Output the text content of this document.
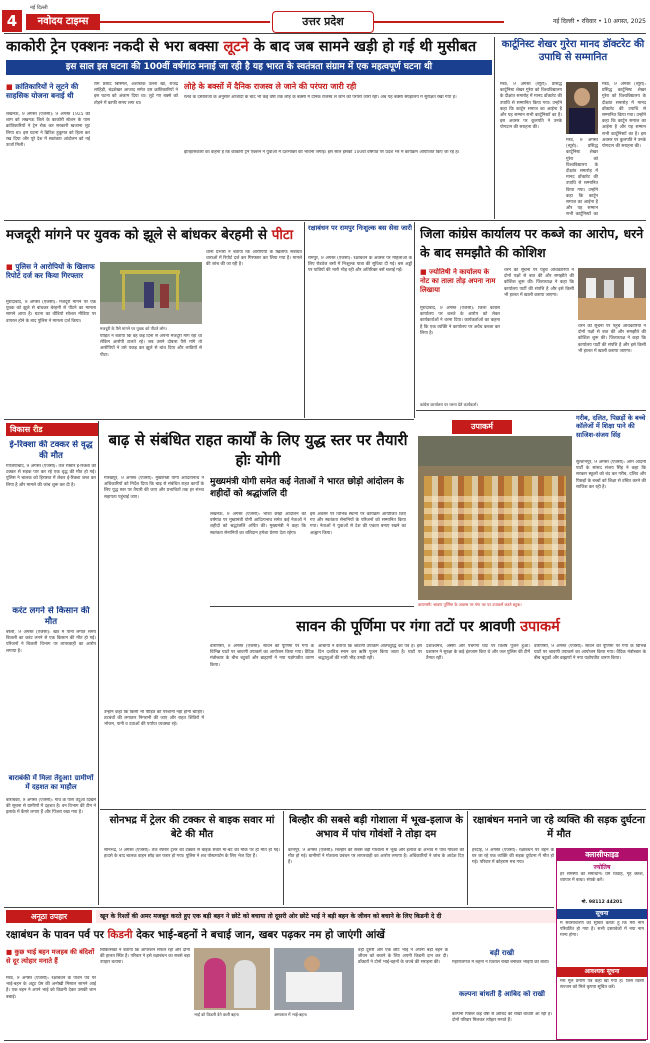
4	नवोदय टाइम्स
नई दिल्ली
उत्तर प्रदेश	नई दिल्ली • रविवार • 10 अगस्त, 2025
काकोरी ट्रेन एक्शनः नकदी से भरा बक्सा लूटने के बाद जब सामने खड़ी हो गई थी मुसीबत
इस साल इस घटना की 100वीं वर्षगांठ मनाई जा रही है यह भारत के स्वतंत्रता संग्राम में एक महत्वपूर्ण घटना थी
■ क्रांतिकारियों ने लूटने की साहसिक योजना बनाई थी
लखनऊ, 9 अगस्त (एजेंसी): 9 अगस्त 1925 की शाम को लखनऊ जिले के काकोरी स्टेशन के पास क्रांतिकारियों ने ट्रेन रोक कर सरकारी खजाना लूट लिया था। इस घटना ने ब्रिटिश हुकूमत को हिला कर रख दिया और पूरे देश में स्वतंत्रता आंदोलन को नई ऊर्जा मिली।
राम प्रसाद बिस्मिल, अशफाक उल्ला खां, राजेंद्र लाहिड़ी, चंद्रशेखर आजाद समेत दस क्रांतिकारियों ने इस घटना को अंजाम दिया था। लूटे गए बक्से को तोड़ने में काफी समय लगा था।
लोहे के बक्सों में दैनिक राजस्व ले जाने की परंपरा जारी रही
रेलवे के दस्तावेजों के अनुसार आजादी के बाद भी कई वर्षों तक लोहे के बक्सों में दैनिक राजस्व ले जाने की परंपरा जारी रही। अब यह बक्सा संग्रहालय में सुरक्षित रखा गया है।
इतिहासकारों का कहना है कि काकोरी ट्रेन एक्शन ने युवाओं में देशभक्ति की भावना जगाई। इस साल इसकी 100वीं वर्षगांठ पर प्रदेश भर में कार्यक्रम आयोजित किए जा रहे हैं।
कार्टूनिस्ट शेखर गुरेरा मानद डॉक्टरेट की उपाधि से सम्मानित
मेरठ, 9 अगस्त (ब्यूरो): प्रसिद्ध कार्टूनिस्ट शेखर गुरेरा को विश्वविद्यालय के दीक्षांत समारोह में मानद डॉक्टरेट की उपाधि से सम्मानित किया गया। उन्होंने कहा कि कार्टून समाज का आईना है और यह सम्मान सभी कार्टूनिस्टों का है। इस अवसर पर कुलपति ने उनके योगदान की सराहना की।
मेरठ, 9 अगस्त (ब्यूरो): प्रसिद्ध कार्टूनिस्ट शेखर गुरेरा को विश्वविद्यालय के दीक्षांत समारोह में मानद डॉक्टरेट की उपाधि से सम्मानित किया गया। उन्होंने कहा कि कार्टून समाज का आईना है और यह सम्मान सभी कार्टूनिस्टों का है। इस अवसर पर कुलपति ने उनके योगदान की सराहना की।
मेरठ, 9 अगस्त (ब्यूरो): प्रसिद्ध कार्टूनिस्ट शेखर गुरेरा को विश्वविद्यालय के दीक्षांत समारोह में मानद डॉक्टरेट की उपाधि से सम्मानित किया गया। उन्होंने कहा कि कार्टून समाज का आईना है और यह सम्मान सभी कार्टूनिस्टों का
मजदूरी मांगने पर युवक को झूले से बांधकर बेरहमी से पीटा
■ पुलिस ने आरोपियों के खिलाफ रिपोर्ट दर्ज कर किया गिरफ्तार
मुरादाबाद, 9 अगस्त (एजेंसी): मजदूरी मांगने पर एक युवक को झूले से बांधकर बेरहमी से पीटने का मामला सामने आया है। घटना का वीडियो सोशल मीडिया पर वायरल होने के बाद पुलिस ने मामला दर्ज किया।
मजदूरी के पैसे मांगने पर युवक को पीटते लोग।
पीड़ित ने बताया कि वह कई दिनों से अपनी मजदूरी मांग रहा था लेकिन आरोपी टालते रहे। जब उसने दोबारा पैसे मांगे तो आरोपियों ने उसे पकड़ कर झूले से बांध दिया और लाठियों से पीटा।
थाना प्रभारी ने बताया कि आरोपियों के खिलाफ संबंधित धाराओं में रिपोर्ट दर्ज कर गिरफ्तार कर लिया गया है। मामले की जांच की जा रही है।
रक्षाबंधन पर रामपुर निःशुल्क बस सेवा जारी
रामपुर, 9 अगस्त (एजेंसी): रक्षाबंधन के अवसर पर महिलाओं के लिए रोडवेज बसों में निःशुल्क यात्रा की सुविधा दी गई। बस अड्डों पर यात्रियों की भारी भीड़ रही और अतिरिक्त बसें चलाई गईं।
जिला कांग्रेस कार्यालय पर कब्जे का आरोप, धरने के बाद समझौते की कोशिश
■ ज्योतिषी ने कार्यालय के नोट का ताला तोड़ अपना नाम लिखाया
मुरादाबाद, 9 अगस्त (एजेंसी): जिला कांग्रेस कार्यालय पर कब्जे के आरोप को लेकर कार्यकर्ताओं ने धरना दिया। कार्यकर्ताओं का कहना है कि एक व्यक्ति ने कार्यालय पर अवैध कब्जा कर लिया है।
धरने की सूचना पर पहुंचे अधिकारियों ने दोनों पक्षों से बात की और समझौते की कोशिश शुरू की। जिलाध्यक्ष ने कहा कि कार्यालय पार्टी की संपत्ति है और इसे किसी भी हालत में खाली कराया जाएगा।
धरने की सूचना पर पहुंचे अधिकारियों ने दोनों पक्षों से बात की और समझौते की कोशिश शुरू की। जिलाध्यक्ष ने कहा कि कार्यालय पार्टी की संपत्ति है और इसे किसी भी हालत में खाली कराया जाएगा।
कांग्रेस कार्यालय पर धरना देते कार्यकर्ता।
गरीब, दलित, पिछड़ों के बच्चे कॉलेजों में शिक्षा पाने की साजिश-संजय सिंह
सुल्तानपुर, 9 अगस्त (एजेंसी): आम आदमी पार्टी के सांसद संजय सिंह ने कहा कि सरकार स्कूलों को बंद कर गरीब, दलित और पिछड़ों के बच्चों को शिक्षा से वंचित करने की साजिश कर रही है।
विकास रीड
ई-रिक्शा की टक्कर से वृद्ध की मौत
गाजियाबाद, 9 अगस्त (एजेंसी): तेज रफ्तार ई-रिक्शा की टक्कर से सड़क पार कर रहे एक वृद्ध की मौत हो गई। पुलिस ने चालक को हिरासत में लेकर ई-रिक्शा जब्त कर लिया है और मामले की जांच शुरू कर दी है।
करंट लगने से किसान की मौत
बरेली, 9 अगस्त (एजेंसी): खेत में पानी लगाते समय बिजली का करंट लगने से एक किसान की मौत हो गई। परिजनों ने बिजली विभाग पर लापरवाही का आरोप लगाया है।
बाराबंकी में मिला तेंदुआ! ग्रामीणों में दहशत का माहौल
बाराबंकी, 9 अगस्त (एजेंसी): गांव के पास तेंदुआ दिखने की सूचना से ग्रामीणों में दहशत है। वन विभाग की टीम ने इलाके में कैमरे लगाए हैं और पिंजरा रखा गया है।
बाढ़ से संबंधित राहत कार्यों के लिए युद्ध स्तर पर तैयारी होः योगी
गोरखपुर, 9 अगस्त (एजेंसी): मुख्यमंत्री योगी आदित्यनाथ ने अधिकारियों को निर्देश दिया कि बाढ़ से संबंधित राहत कार्यों के लिए युद्ध स्तर पर तैयारी की जाए और प्रभावितों तक हर संभव सहायता पहुंचाई जाए।
उन्होंने कहा कि किसी भी पीड़ित को परेशानी नहीं होनी चाहिए। तटबंधों की लगातार निगरानी की जाए और राहत शिविरों में भोजन, पानी व दवाओं की पर्याप्त व्यवस्था रहे।
मुख्यमंत्री योगी समेत कई नेताओं ने भारत छोड़ो आंदोलन के शहीदों को श्रद्धांजलि दी
लखनऊ, 9 अगस्त (एजेंसी): भारत छोड़ो आंदोलन की वर्षगांठ पर मुख्यमंत्री योगी आदित्यनाथ समेत कई नेताओं ने शहीदों को श्रद्धांजलि अर्पित की। मुख्यमंत्री ने कहा कि स्वतंत्रता सेनानियों का बलिदान हमेशा प्रेरणा देता रहेगा।
इस अवसर पर विभिन्न स्थानों पर कार्यक्रम आयोजित किए गए और स्वतंत्रता सेनानियों के परिजनों को सम्मानित किया गया। नेताओं ने युवाओं से देश की एकता बनाए रखने का आह्वान किया।
उपाकर्म
वाराणसी: श्रावण पूर्णिमा के अवसर पर गंगा तट पर उपाकर्म करते बटुक।
सावन की पूर्णिमा पर गंगा तटों पर श्रावणी उपाकर्म
वाराणसी, 9 अगस्त (एजेंसी): सावन की पूर्णिमा पर गंगा के विभिन्न घाटों पर श्रावणी उपाकर्म का आयोजन किया गया। वैदिक मंत्रोच्चार के बीच बटुकों और ब्राह्मणों ने नया यज्ञोपवीत धारण किया।
आचार्यों ने बताया कि श्रावणी उपाकर्म आत्मशुद्धि का पर्व है। इस दिन दशविध स्नान कर ऋषि पूजन किया जाता है। घाटों पर श्रद्धालुओं की भारी भीड़ उमड़ी रही।
दशाश्वमेध, अस्सी और पंचगंगा घाट पर विशेष पूजन हुआ। प्रशासन ने सुरक्षा के कड़े इंतजाम किए थे और जल पुलिस की टीमें तैनात रहीं।
वाराणसी, 9 अगस्त (एजेंसी): सावन की पूर्णिमा पर गंगा के विभिन्न घाटों पर श्रावणी उपाकर्म का आयोजन किया गया। वैदिक मंत्रोच्चार के बीच बटुकों और ब्राह्मणों ने नया यज्ञोपवीत धारण किया।
सोनभद्र में ट्रेलर की टक्कर से बाइक सवार मां बेटे की मौत
सोनभद्र, 9 अगस्त (एजेंसी): तेज रफ्तार ट्रेलर की टक्कर से बाइक सवार मां-बेटे की मौके पर ही मौत हो गई। हादसे के बाद चालक वाहन छोड़ कर फरार हो गया। पुलिस ने शव पोस्टमार्टम के लिए भेज दिए हैं।
बिल्हौर की सबसे बड़ी गोशाला में भूख-इलाज के अभाव में पांच गोवंशों ने तोड़ा दम
कानपुर, 9 अगस्त (एजेंसी): बिल्हौर की सबसे बड़ी गोशाला में भूख और इलाज के अभाव में पांच गोवंशों की मौत हो गई। ग्रामीणों ने गोशाला प्रबंधन पर लापरवाही का आरोप लगाया है। अधिकारियों ने जांच के आदेश दिए हैं।
रक्षाबंधन मनाने जा रहे व्यक्ति की सड़क दुर्घटना में मौत
हरदोई, 9 अगस्त (एजेंसी): रक्षाबंधन पर बहन के घर जा रहे एक व्यक्ति की सड़क दुर्घटना में मौत हो गई। परिवार में कोहराम मच गया।
क्लासीफाइड
ज्योतिष
हर समस्या का समाधान। प्रेम विवाह, गृह क्लेश, व्यापार में बाधा। संपर्क करें।
मो. 98112 44201
सूचना
मैं सर्वसाधारण को सूचित करता हूं कि मेरा नाम परिवर्तित हो गया है। सभी दस्तावेजों में नया नाम मान्य होगा।
आवश्यक सूचना
मेरा मूल प्रमाण पत्र कहीं खो गया है। जिस किसी सज्जन को मिले कृपया सूचित करें।
अनूठा उपहार	खून के रिश्तों की अमर मजबूत करते हुए एक बड़ी बहन ने छोटे को बचाया तो दूसरी ओर छोटे भाई ने बड़ी बहन के जीवन को बचाने के लिए किडनी दे दी
रक्षाबंधन के पावन पर्व पर किडनी देकर भाई-बहनों ने बचाई जान, खबर पढ़कर नम हो जाएंगी आंखें
■ कुछ भाई बहन मजहब की बंदिशों से दूर त्योहार मनाते हैं
मेरठ, 9 अगस्त (एजेंसी): रक्षाबंधन के पावन पर्व पर भाई-बहन के अटूट प्रेम की अनोखी मिसाल सामने आई है। एक बहन ने अपने भाई को किडनी देकर उसकी जान बचाई।
चिकित्सकों ने बताया कि ऑपरेशन सफल रहा और दोनों की हालत स्थिर है। परिवार ने इसे रक्षाबंधन का सबसे बड़ा उपहार बताया।
भाई को किडनी देने वाली बहन।	अस्पताल में भाई-बहन।
वहीं दूसरी ओर एक छोटे भाई ने अपनी बड़ी बहन के जीवन को बचाने के लिए अपनी किडनी दान कर दी। डॉक्टरों ने दोनों भाई-बहनों के जज्बे की सराहना की।
बड़ी राखी
महाराजगंज में बहनों ने विशाल राखी बनाकर भाइयों को बांधी।
कल्पना बांधती है आबिद को राखी
कल्पना पिछले कई वर्षों से आबिद को राखी बांधती आ रही हैं। दोनों परिवार मिलकर त्योहार मनाते हैं।
